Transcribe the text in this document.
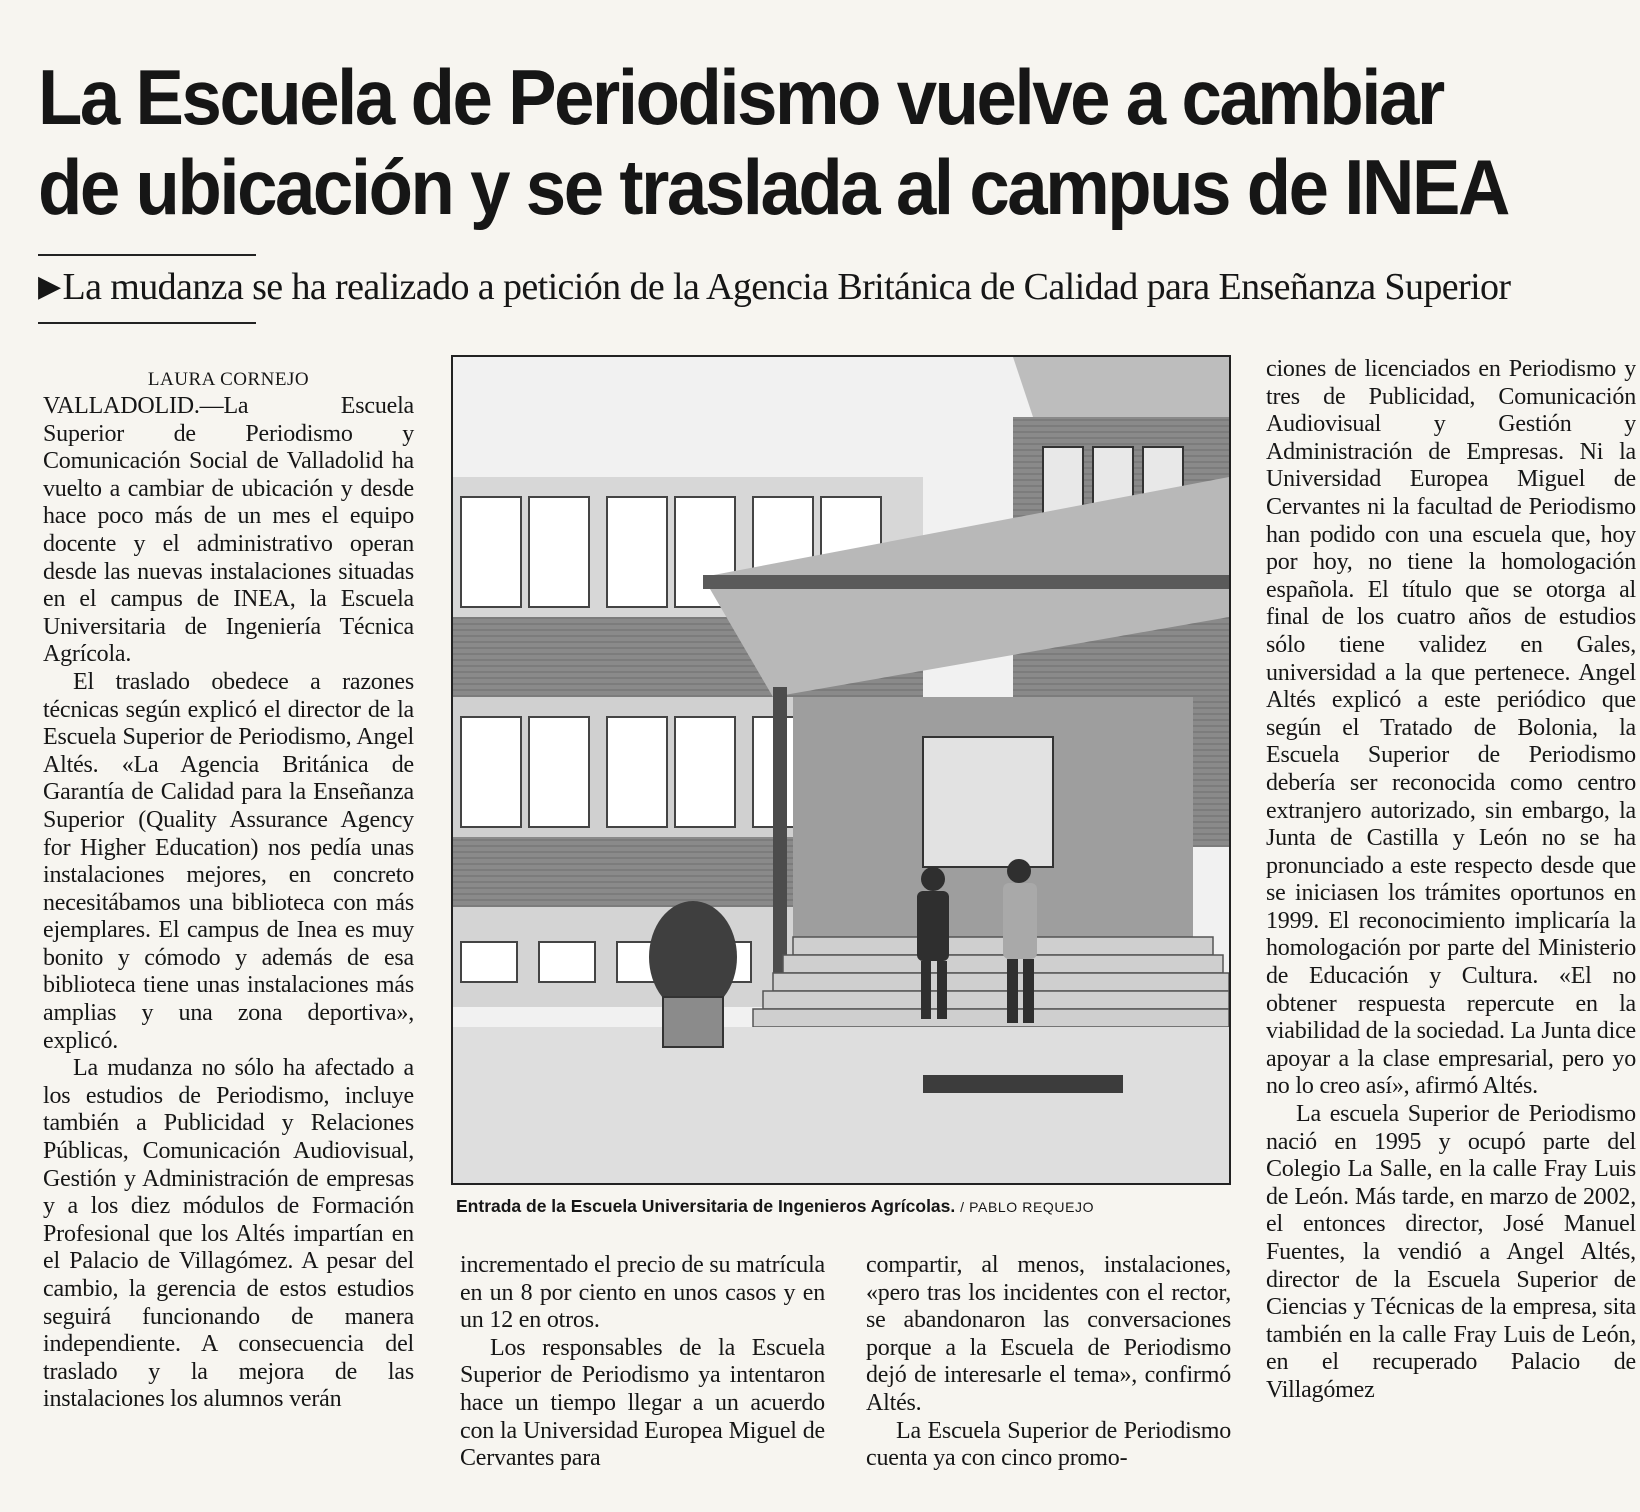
La Escuela de Periodismo vuelve a cambiar
de ubicación y se traslada al campus de INEA
▶La mudanza se ha realizado a petición de la Agencia Británica de Calidad para Enseñanza Superior

LAURA CORNEJO

VALLADOLID.—La Escuela Superior de Periodismo y Comunicación Social de Valladolid ha vuelto a cambiar de ubicación y desde hace poco más de un mes el equipo docente y el administrativo operan desde las nuevas instalaciones situadas en el campus de INEA, la Escuela Universitaria de Ingeniería Técnica Agrícola.

El traslado obedece a razones técnicas según explicó el director de la Escuela Superior de Periodismo, Angel Altés. «La Agencia Británica de Garantía de Calidad para la Enseñanza Superior (Quality Assurance Agency for Higher Education) nos pedía unas instalaciones mejores, en concreto necesitábamos una biblioteca con más ejemplares. El campus de Inea es muy bonito y cómodo y además de esa biblioteca tiene unas instalaciones más amplias y una zona deportiva», explicó.

La mudanza no sólo ha afectado a los estudios de Periodismo, incluye también a Publicidad y Relaciones Públicas, Comunicación Audiovisual, Gestión y Administración de empresas y a los diez módulos de Formación Profesional que los Altés impartían en el Palacio de Villagómez. A pesar del cambio, la gerencia de estos estudios seguirá funcionando de manera independiente. A consecuencia del traslado y la mejora de las instalaciones los alumnos verán

Entrada de la Escuela Universitaria de Ingenieros Agrícolas. / PABLO REQUEJO

incrementado el precio de su matrícula en un 8 por ciento en unos casos y en un 12 en otros.

Los responsables de la Escuela Superior de Periodismo ya intentaron hace un tiempo llegar a un acuerdo con la Universidad Europea Miguel de Cervantes para

compartir, al menos, instalaciones, «pero tras los incidentes con el rector, se abandonaron las conversaciones porque a la Escuela de Periodismo dejó de interesarle el tema», confirmó Altés.

La Escuela Superior de Periodismo cuenta ya con cinco promo-

ciones de licenciados en Periodismo y tres de Publicidad, Comunicación Audiovisual y Gestión y Administración de Empresas. Ni la Universidad Europea Miguel de Cervantes ni la facultad de Periodismo han podido con una escuela que, hoy por hoy, no tiene la homologación española. El título que se otorga al final de los cuatro años de estudios sólo tiene validez en Gales, universidad a la que pertenece. Angel Altés explicó a este periódico que según el Tratado de Bolonia, la Escuela Superior de Periodismo debería ser reconocida como centro extranjero autorizado, sin embargo, la Junta de Castilla y León no se ha pronunciado a este respecto desde que se iniciasen los trámites oportunos en 1999. El reconocimiento implicaría la homologación por parte del Ministerio de Educación y Cultura. «El no obtener respuesta repercute en la viabilidad de la sociedad. La Junta dice apoyar a la clase empresarial, pero yo no lo creo así», afirmó Altés.

La escuela Superior de Periodismo nació en 1995 y ocupó parte del Colegio La Salle, en la calle Fray Luis de León. Más tarde, en marzo de 2002, el entonces director, José Manuel Fuentes, la vendió a Angel Altés, director de la Escuela Superior de Ciencias y Técnicas de la empresa, sita también en la calle Fray Luis de León, en el recuperado Palacio de Villagómez
